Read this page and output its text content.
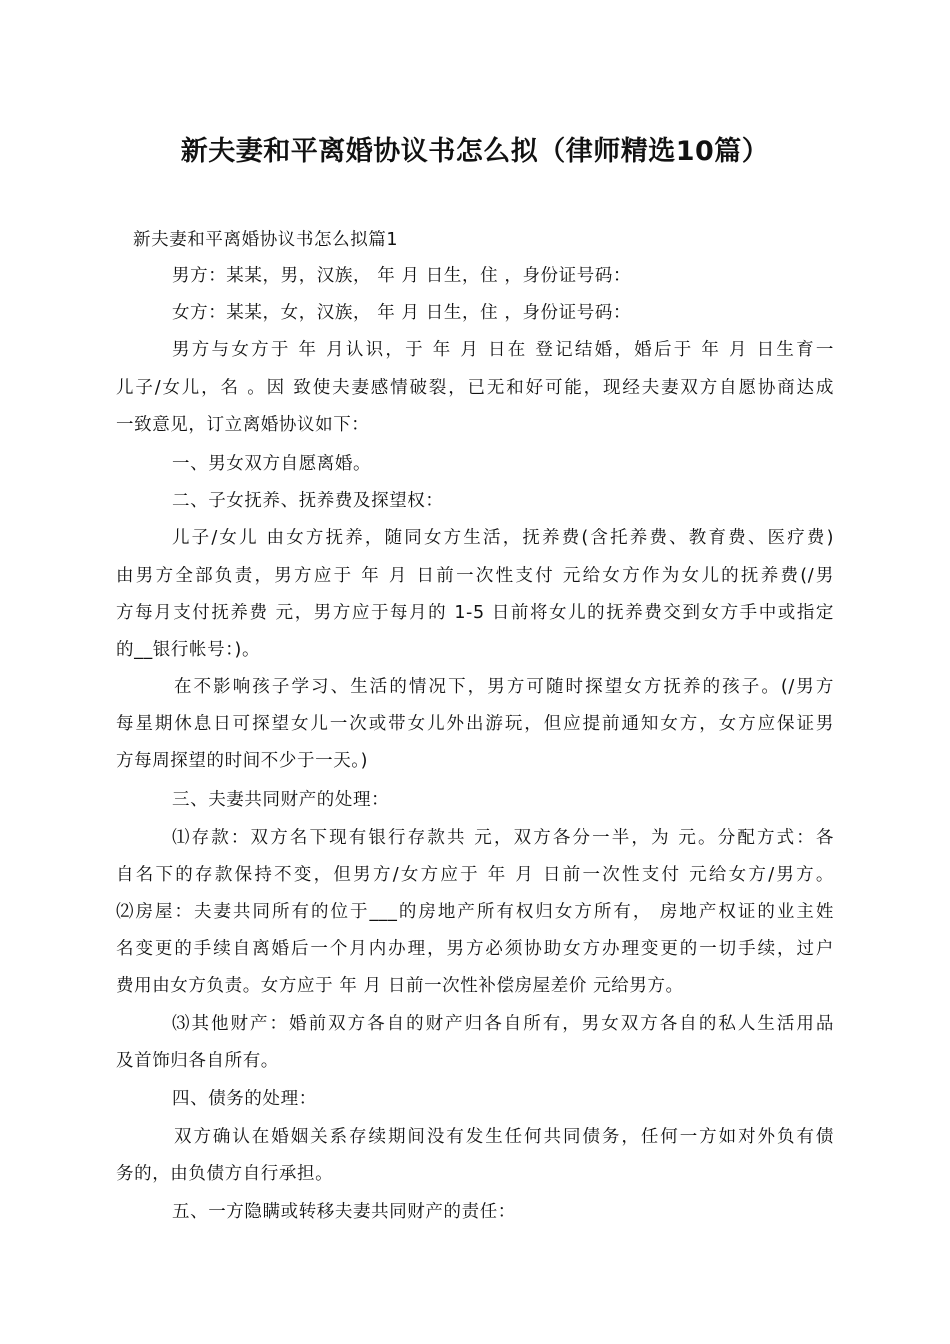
新夫妻和平离婚协议书怎么拟（律师精选10篇）
新夫妻和平离婚协议书怎么拟篇1
男方：某某，男，汉族， 年 月 日生，住 ，身份证号码：
女方：某某，女，汉族， 年 月 日生，住 ，身份证号码：
男方与女方于 年 月认识，于 年 月 日在 登记结婚，婚后于 年 月 日生育一
儿子/女儿，名 。因 致使夫妻感情破裂，已无和好可能，现经夫妻双方自愿协商达成
一致意见，订立离婚协议如下：
一、男女双方自愿离婚。
二、子女抚养、抚养费及探望权：
儿子/女儿 由女方抚养，随同女方生活，抚养费(含托养费、教育费、医疗费)
由男方全部负责，男方应于 年 月 日前一次性支付 元给女方作为女儿的抚养费(/男
方每月支付抚养费 元，男方应于每月的 1-5 日前将女儿的抚养费交到女方手中或指定
的__银行帐号：)。
在不影响孩子学习、生活的情况下，男方可随时探望女方抚养的孩子。(/男方
每星期休息日可探望女儿一次或带女儿外出游玩，但应提前通知女方，女方应保证男
方每周探望的时间不少于一天。)
三、夫妻共同财产的处理：
⑴存款：双方名下现有银行存款共 元，双方各分一半，为 元。分配方式：各
自名下的存款保持不变，但男方/女方应于 年 月 日前一次性支付 元给女方/男方。
⑵房屋：夫妻共同所有的位于___的房地产所有权归女方所有， 房地产权证的业主姓
名变更的手续自离婚后一个月内办理，男方必须协助女方办理变更的一切手续，过户
费用由女方负责。女方应于 年 月 日前一次性补偿房屋差价 元给男方。
⑶其他财产：婚前双方各自的财产归各自所有，男女双方各自的私人生活用品
及首饰归各自所有。
四、债务的处理：
双方确认在婚姻关系存续期间没有发生任何共同债务，任何一方如对外负有债
务的，由负债方自行承担。
五、一方隐瞒或转移夫妻共同财产的责任：
